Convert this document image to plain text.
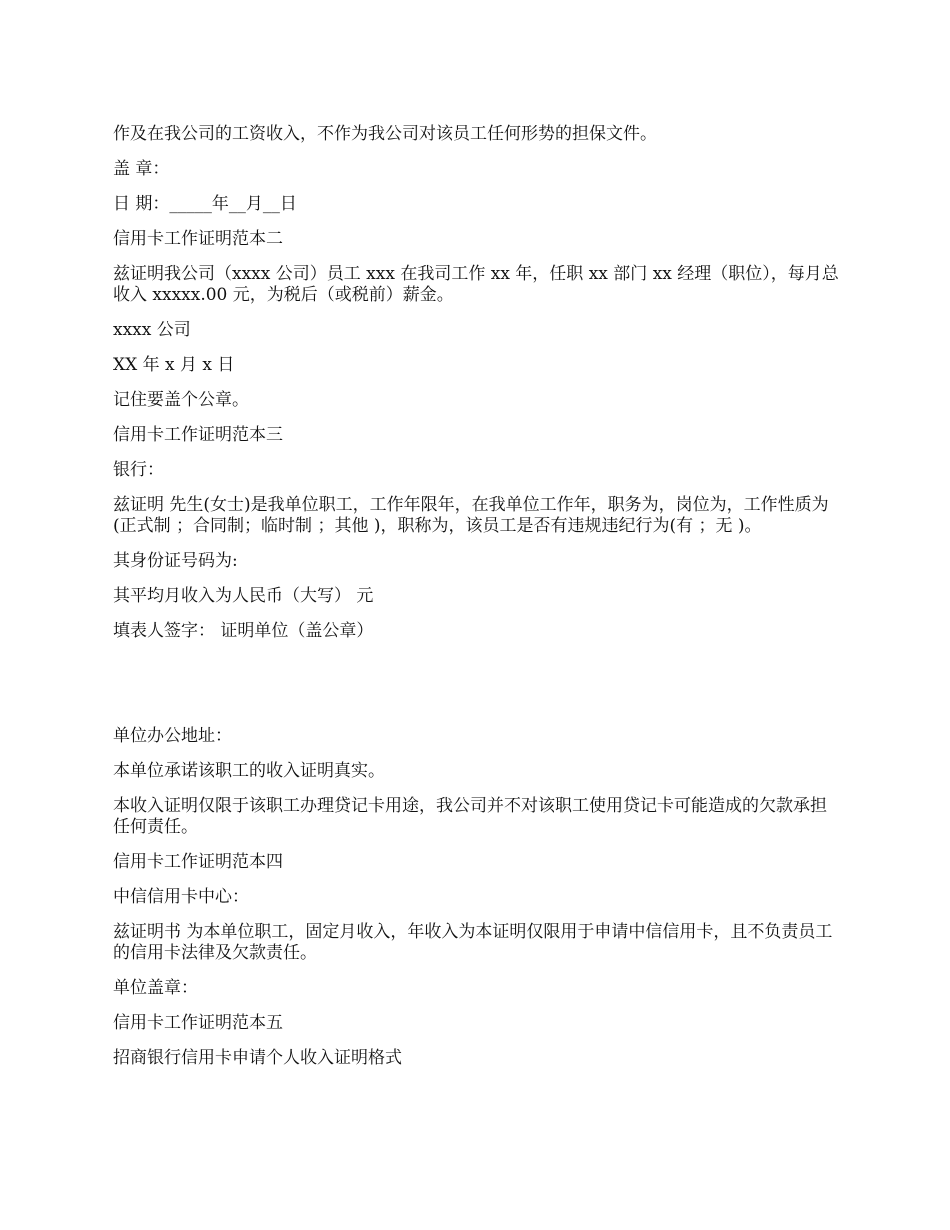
作及在我公司的工资收入，不作为我公司对该员工任何形势的担保文件。

盖 章：

日 期：_____年__月__日

信用卡工作证明范本二

兹证明我公司（xxxx 公司）员工 xxx 在我司工作 xx 年，任职 xx 部门 xx 经理（职位），每月总收入 xxxxx.00 元，为税后（或税前）薪金。

xxxx 公司

XX 年 x 月 x 日

记住要盖个公章。

信用卡工作证明范本三

银行：

兹证明 先生(女士)是我单位职工，工作年限年，在我单位工作年，职务为，岗位为，工作性质为(正式制 ；合同制；临时制 ；其他 )，职称为，该员工是否有违规违纪行为(有 ；无 )。

其身份证号码为:

其平均月收入为人民币（大写） 元

填表人签字： 证明单位（盖公章）

单位办公地址：

本单位承诺该职工的收入证明真实。

本收入证明仅限于该职工办理贷记卡用途，我公司并不对该职工使用贷记卡可能造成的欠款承担任何责任。

信用卡工作证明范本四

中信信用卡中心：

兹证明书 为本单位职工，固定月收入，年收入为本证明仅限用于申请中信信用卡，且不负责员工的信用卡法律及欠款责任。

单位盖章：

信用卡工作证明范本五

招商银行信用卡申请个人收入证明格式
